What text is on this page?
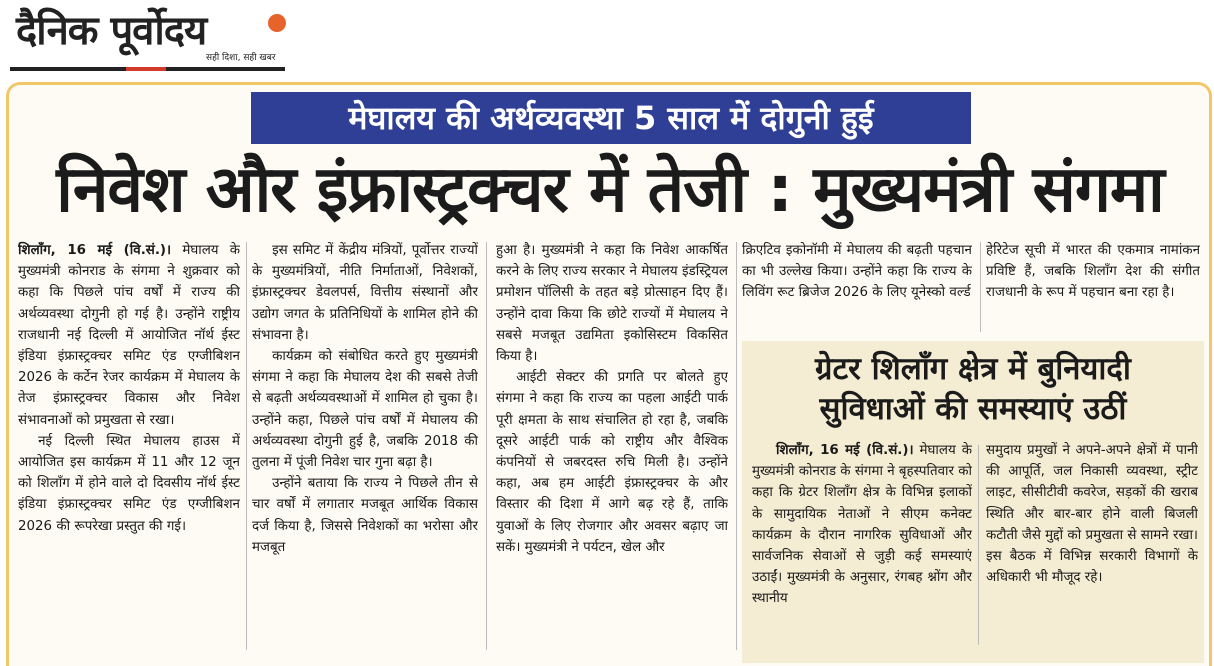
दैनिक पूर्वोदय
सही दिशा, सही खबर
मेघालय की अर्थव्यवस्था 5 साल में दोगुनी हुई
निवेश और इंफ्रास्ट्रक्चर में तेजी : मुख्यमंत्री संगमा

शिलॉंग, 16 मई (वि.सं.)। मेघालय के मुख्यमंत्री कोनराड के संगमा ने शुक्रवार को कहा कि पिछले पांच वर्षों में राज्य की अर्थव्यवस्था दोगुनी हो गई है। उन्होंने राष्ट्रीय राजधानी नई दिल्ली में आयोजित नॉर्थ ईस्ट इंडिया इंफ्रास्ट्रक्चर समिट एंड एग्जीबिशन 2026 के कर्टेन रेजर कार्यक्रम में मेघालय के तेज इंफ्रास्ट्रक्चर विकास और निवेश संभावनाओं को प्रमुखता से रखा।

नई दिल्ली स्थित मेघालय हाउस में आयोजित इस कार्यक्रम में 11 और 12 जून को शिलॉंग में होने वाले दो दिवसीय नॉर्थ ईस्ट इंडिया इंफ्रास्ट्रक्चर समिट एंड एग्जीबिशन 2026 की रूपरेखा प्रस्तुत की गई।

इस समिट में केंद्रीय मंत्रियों, पूर्वोत्तर राज्यों के मुख्यमंत्रियों, नीति निर्माताओं, निवेशकों, इंफ्रास्ट्रक्चर डेवलपर्स, वित्तीय संस्थानों और उद्योग जगत के प्रतिनिधियों के शामिल होने की संभावना है।

कार्यक्रम को संबोधित करते हुए मुख्यमंत्री संगमा ने कहा कि मेघालय देश की सबसे तेजी से बढ़ती अर्थव्यवस्थाओं में शामिल हो चुका है। उन्होंने कहा, पिछले पांच वर्षों में मेघालय की अर्थव्यवस्था दोगुनी हुई है, जबकि 2018 की तुलना में पूंजी निवेश चार गुना बढ़ा है।

उन्होंने बताया कि राज्य ने पिछले तीन से चार वर्षों में लगातार मजबूत आर्थिक विकास दर्ज किया है, जिससे निवेशकों का भरोसा और मजबूत

हुआ है। मुख्यमंत्री ने कहा कि निवेश आकर्षित करने के लिए राज्य सरकार ने मेघालय इंडस्ट्रियल प्रमोशन पॉलिसी के तहत बड़े प्रोत्साहन दिए हैं। उन्होंने दावा किया कि छोटे राज्यों में मेघालय ने सबसे मजबूत उद्यमिता इकोसिस्टम विकसित किया है।

आईटी सेक्टर की प्रगति पर बोलते हुए संगमा ने कहा कि राज्य का पहला आईटी पार्क पूरी क्षमता के साथ संचालित हो रहा है, जबकि दूसरे आईटी पार्क को राष्ट्रीय और वैश्विक कंपनियों से जबरदस्त रुचि मिली है। उन्होंने कहा, अब हम आईटी इंफ्रास्ट्रक्चर के और विस्तार की दिशा में आगे बढ़ रहे हैं, ताकि युवाओं के लिए रोजगार और अवसर बढ़ाए जा सकें। मुख्यमंत्री ने पर्यटन, खेल और

क्रिएटिव इकोनॉमी में मेघालय की बढ़ती पहचान का भी उल्लेख किया। उन्होंने कहा कि राज्य के लिविंग रूट ब्रिजेज 2026 के लिए यूनेस्को वर्ल्ड

हेरिटेज सूची में भारत की एकमात्र नामांकन प्रविष्टि हैं, जबकि शिलॉंग देश की संगीत राजधानी के रूप में पहचान बना रहा है।

ग्रेटर शिलॉंग क्षेत्र में बुनियादी
सुविधाओं की समस्याएं उठीं

शिलॉंग, 16 मई (वि.सं.)। मेघालय के मुख्यमंत्री कोनराड के संगमा ने बृहस्पतिवार को कहा कि ग्रेटर शिलॉंग क्षेत्र के विभिन्न इलाकों के सामुदायिक नेताओं ने सीएम कनेक्ट कार्यक्रम के दौरान नागरिक सुविधाओं और सार्वजनिक सेवाओं से जुड़ी कई समस्याएं उठाईं। मुख्यमंत्री के अनुसार, रंगबह श्नोंग और स्थानीय

समुदाय प्रमुखों ने अपने-अपने क्षेत्रों में पानी की आपूर्ति, जल निकासी व्यवस्था, स्ट्रीट लाइट, सीसीटीवी कवरेज, सड़कों की खराब स्थिति और बार-बार होने वाली बिजली कटौती जैसे मुद्दों को प्रमुखता से सामने रखा। इस बैठक में विभिन्न सरकारी विभागों के अधिकारी भी मौजूद रहे।
